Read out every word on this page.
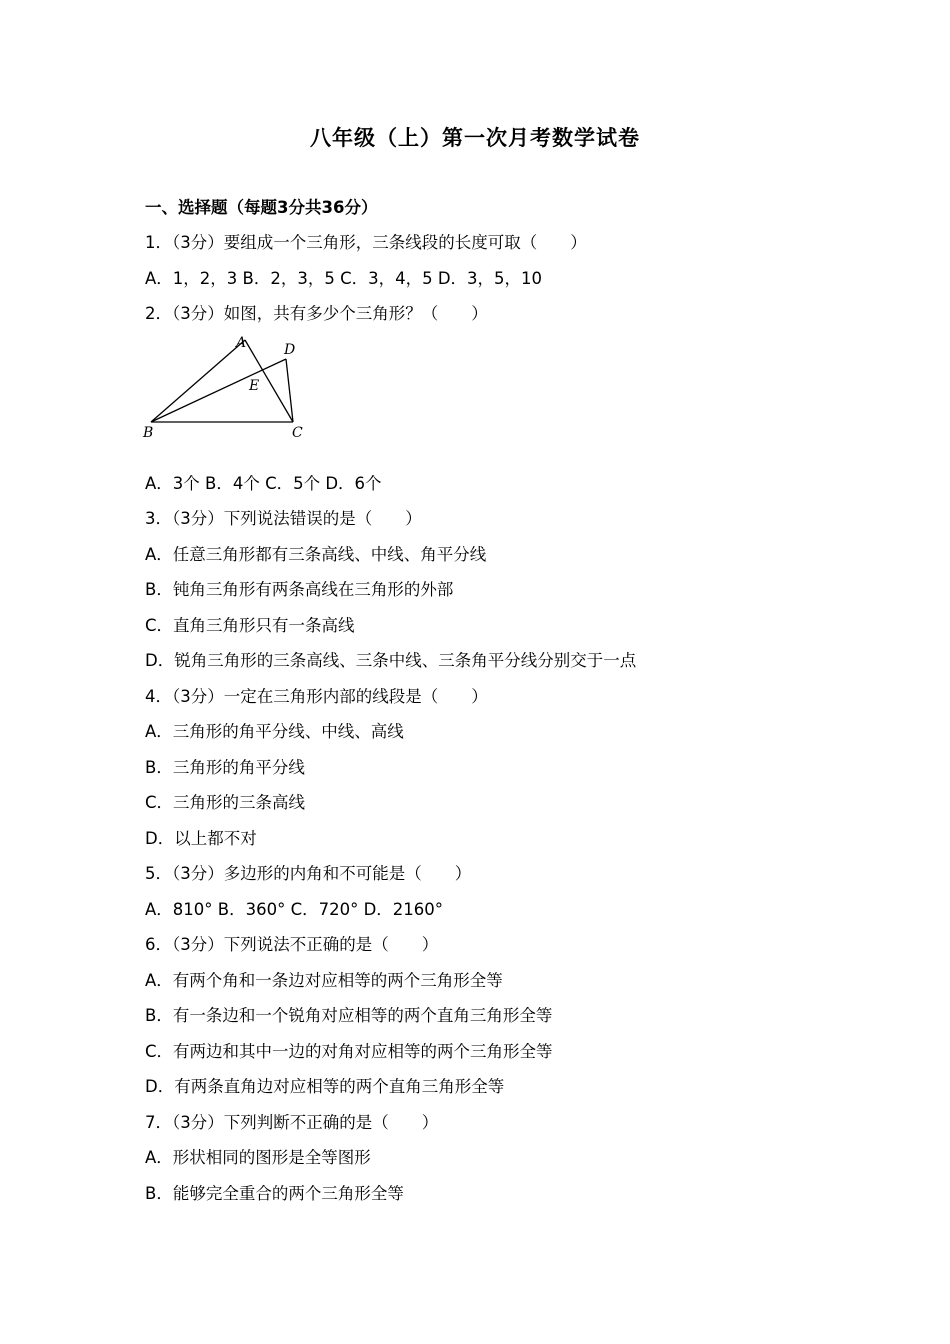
八年级（上）第一次月考数学试卷
一、选择题（每题3分共36分）
1．（3分）要组成一个三角形，三条线段的长度可取（　　）
A．1，2，3 B．2，3，5 C．3，4，5 D．3，5，10
2．（3分）如图，共有多少个三角形？（　　）
A	D
E
B	C
A．3个 B．4个 C．5个 D．6个
3．（3分）下列说法错误的是（　　）
A．任意三角形都有三条高线、中线、角平分线
B．钝角三角形有两条高线在三角形的外部
C．直角三角形只有一条高线
D．锐角三角形的三条高线、三条中线、三条角平分线分别交于一点
4．（3分）一定在三角形内部的线段是（　　）
A．三角形的角平分线、中线、高线
B．三角形的角平分线
C．三角形的三条高线
D．以上都不对
5．（3分）多边形的内角和不可能是（　　）
A．810° B．360° C．720° D．2160°
6．（3分）下列说法不正确的是（　　）
A．有两个角和一条边对应相等的两个三角形全等
B．有一条边和一个锐角对应相等的两个直角三角形全等
C．有两边和其中一边的对角对应相等的两个三角形全等
D．有两条直角边对应相等的两个直角三角形全等
7．（3分）下列判断不正确的是（　　）
A．形状相同的图形是全等图形
B．能够完全重合的两个三角形全等
